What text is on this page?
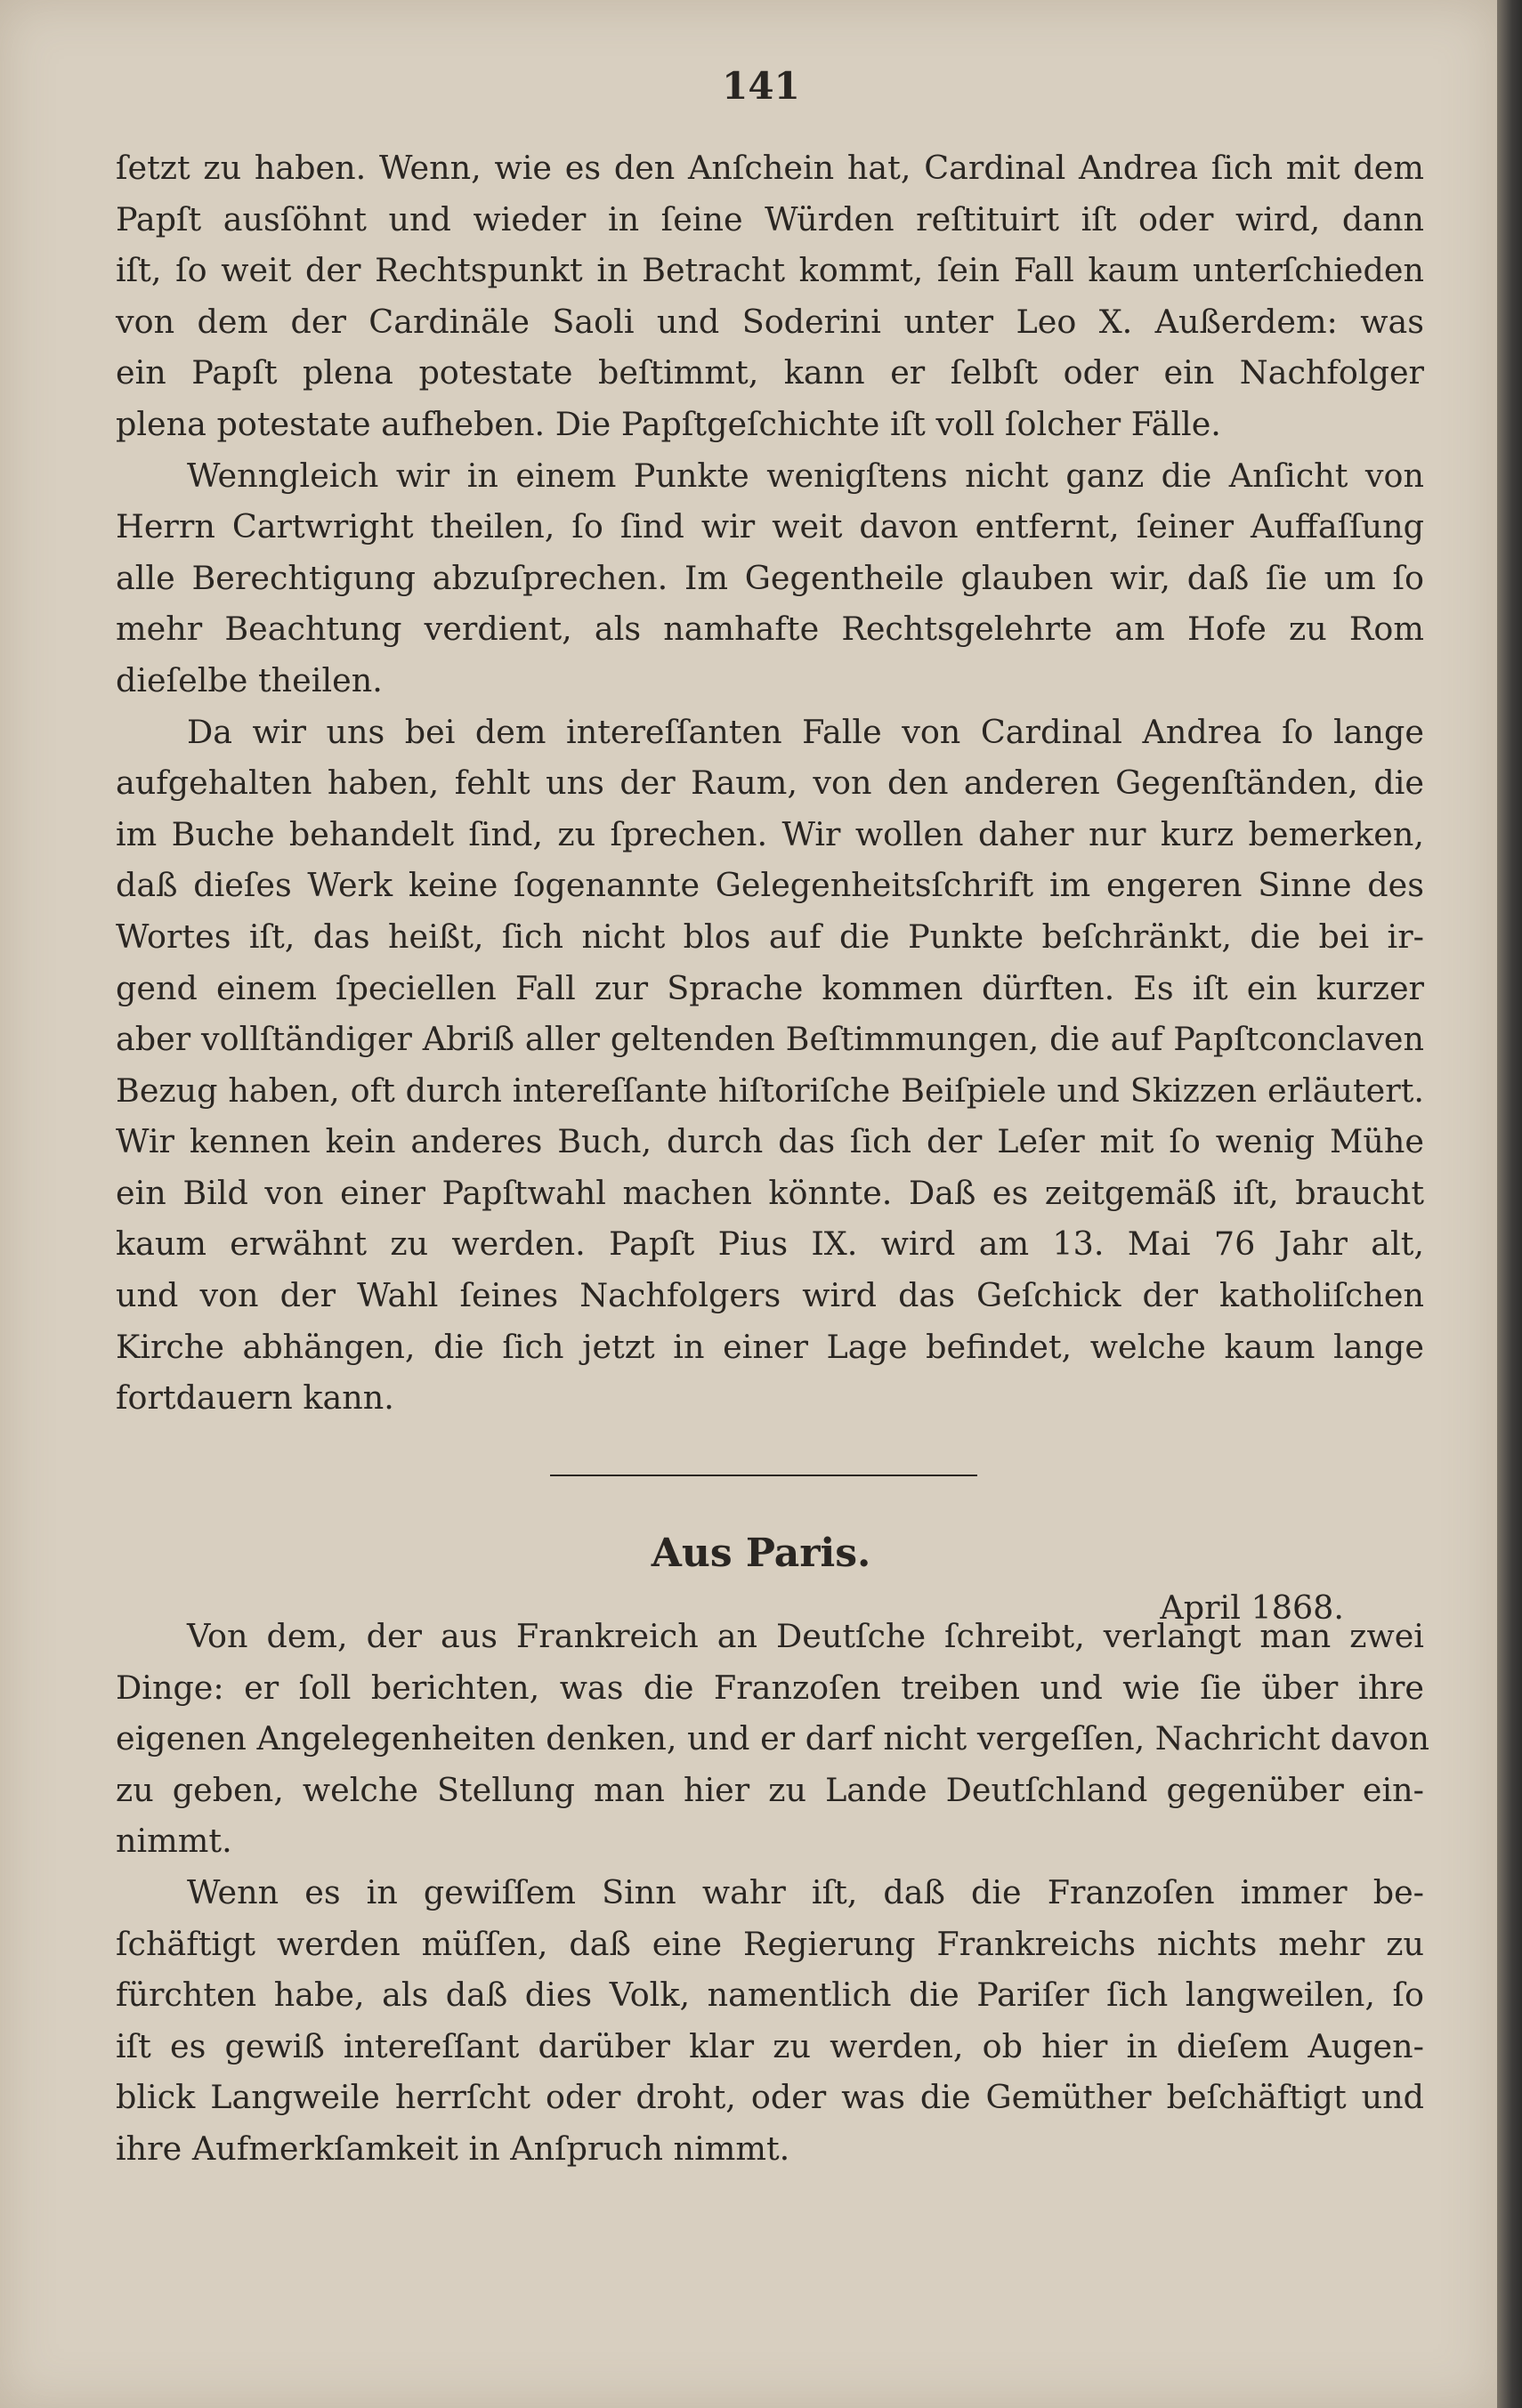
141
ſetzt zu haben. Wenn, wie es den Anſchein hat, Cardinal Andrea ſich mit dem
Papſt ausſöhnt und wieder in ſeine Würden reſtituirt iſt oder wird, dann
iſt, ſo weit der Rechtspunkt in Betracht kommt, ſein Fall kaum unterſchieden
von dem der Cardinäle Saoli und Soderini unter Leo X. Außerdem: was
ein Papſt plena potestate beſtimmt, kann er ſelbſt oder ein Nachfolger
plena potestate aufheben. Die Papſtgeſchichte iſt voll ſolcher Fälle.
Wenngleich wir in einem Punkte wenigſtens nicht ganz die Anſicht von
Herrn Cartwright theilen, ſo ſind wir weit davon entfernt, ſeiner Auffaſſung
alle Berechtigung abzuſprechen. Im Gegentheile glauben wir, daß ſie um ſo
mehr Beachtung verdient, als namhafte Rechtsgelehrte am Hofe zu Rom
dieſelbe theilen.
Da wir uns bei dem intereſſanten Falle von Cardinal Andrea ſo lange
aufgehalten haben, fehlt uns der Raum, von den anderen Gegenſtänden, die
im Buche behandelt ſind, zu ſprechen. Wir wollen daher nur kurz bemerken,
daß dieſes Werk keine ſogenannte Gelegenheitsſchrift im engeren Sinne des
Wortes iſt, das heißt, ſich nicht blos auf die Punkte beſchränkt, die bei ir-
gend einem ſpeciellen Fall zur Sprache kommen dürften. Es iſt ein kurzer
aber vollſtändiger Abriß aller geltenden Beſtimmungen, die auf Papſtconclaven
Bezug haben, oft durch intereſſante hiſtoriſche Beiſpiele und Skizzen erläutert.
Wir kennen kein anderes Buch, durch das ſich der Leſer mit ſo wenig Mühe
ein Bild von einer Papſtwahl machen könnte. Daß es zeitgemäß iſt, braucht
kaum erwähnt zu werden. Papſt Pius IX. wird am 13. Mai 76 Jahr alt,
und von der Wahl ſeines Nachfolgers wird das Geſchick der katholiſchen
Kirche abhängen, die ſich jetzt in einer Lage befindet, welche kaum lange
fortdauern kann.
Aus Paris.
April 1868.
Von dem, der aus Frankreich an Deutſche ſchreibt, verlangt man zwei
Dinge: er ſoll berichten, was die Franzoſen treiben und wie ſie über ihre
eigenen Angelegenheiten denken, und er darf nicht vergeſſen, Nachricht davon
zu geben, welche Stellung man hier zu Lande Deutſchland gegenüber ein-
nimmt.
Wenn es in gewiſſem Sinn wahr iſt, daß die Franzoſen immer be-
ſchäftigt werden müſſen, daß eine Regierung Frankreichs nichts mehr zu
fürchten habe, als daß dies Volk, namentlich die Pariſer ſich langweilen, ſo
iſt es gewiß intereſſant darüber klar zu werden, ob hier in dieſem Augen-
blick Langweile herrſcht oder droht, oder was die Gemüther beſchäftigt und
ihre Aufmerkſamkeit in Anſpruch nimmt.
